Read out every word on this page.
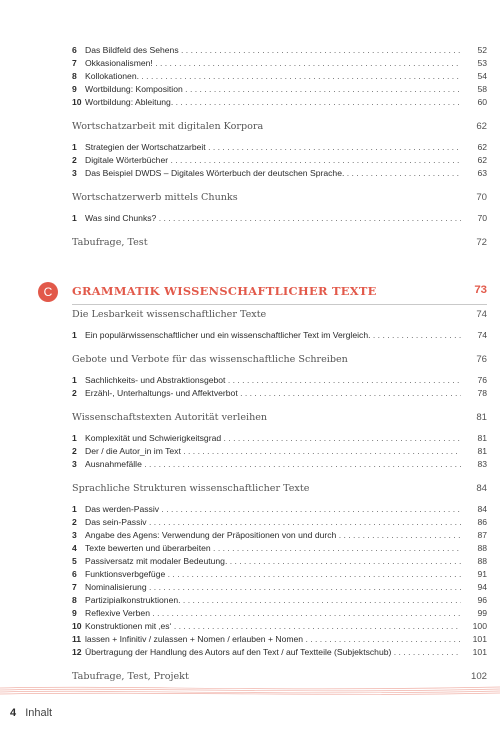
6 Das Bildfeld des Sehens . . .	52
7 Okkasionalismen! . . .	53
8 Kollokationen. . . .	54
9 Wortbildung: Komposition . . .	58
10 Wortbildung: Ableitung. . . .	60
Wortschatzarbeit mit digitalen Korpora	62
1 Strategien der Wortschatzarbeit . . .	62
2 Digitale Wörterbücher . . .	62
3 Das Beispiel DWDS – Digitales Wörterbuch der deutschen Sprache. . . .	63
Wortschatzerwerb mittels Chunks	70
1 Was sind Chunks? . . .	70
Tabufrage, Test	72
C	GRAMMATIK WISSENSCHAFTLICHER TEXTE	73
Die Lesbarkeit wissenschaftlicher Texte	74
1 Ein populärwissenschaftlicher und ein wissenschaftlicher Text im Vergleich. . . .	74
Gebote und Verbote für das wissenschaftliche Schreiben	76
1 Sachlichkeits- und Abstraktionsgebot . . .	76
2 Erzähl-, Unterhaltungs- und Affektverbot . . .	78
Wissenschaftstexten Autorität verleihen	81
1 Komplexität und Schwierigkeitsgrad . . .	81
2 Der / die Autor_in im Text . . .	81
3 Ausnahmefälle . . .	83
Sprachliche Strukturen wissenschaftlicher Texte	84
1 Das werden-Passiv . . .	84
2 Das sein-Passiv . . .	86
3 Angabe des Agens: Verwendung der Präpositionen von und durch . . .	87
4 Texte bewerten und überarbeiten . . .	88
5 Passiversatz mit modaler Bedeutung. . . .	88
6 Funktionsverbgefüge . . .	91
7 Nominalisierung . . .	94
8 Partizipialkonstruktionen. . . .	96
9 Reflexive Verben . . .	99
10 Konstruktionen mit ‚es‘ . . .	100
11 lassen + Infinitiv / zulassen + Nomen / erlauben + Nomen . . .	101
12 Übertragung der Handlung des Autors auf den Text / auf Textteile (Subjektschub) . . .	101
Tabufrage, Test, Projekt	102
4 Inhalt
